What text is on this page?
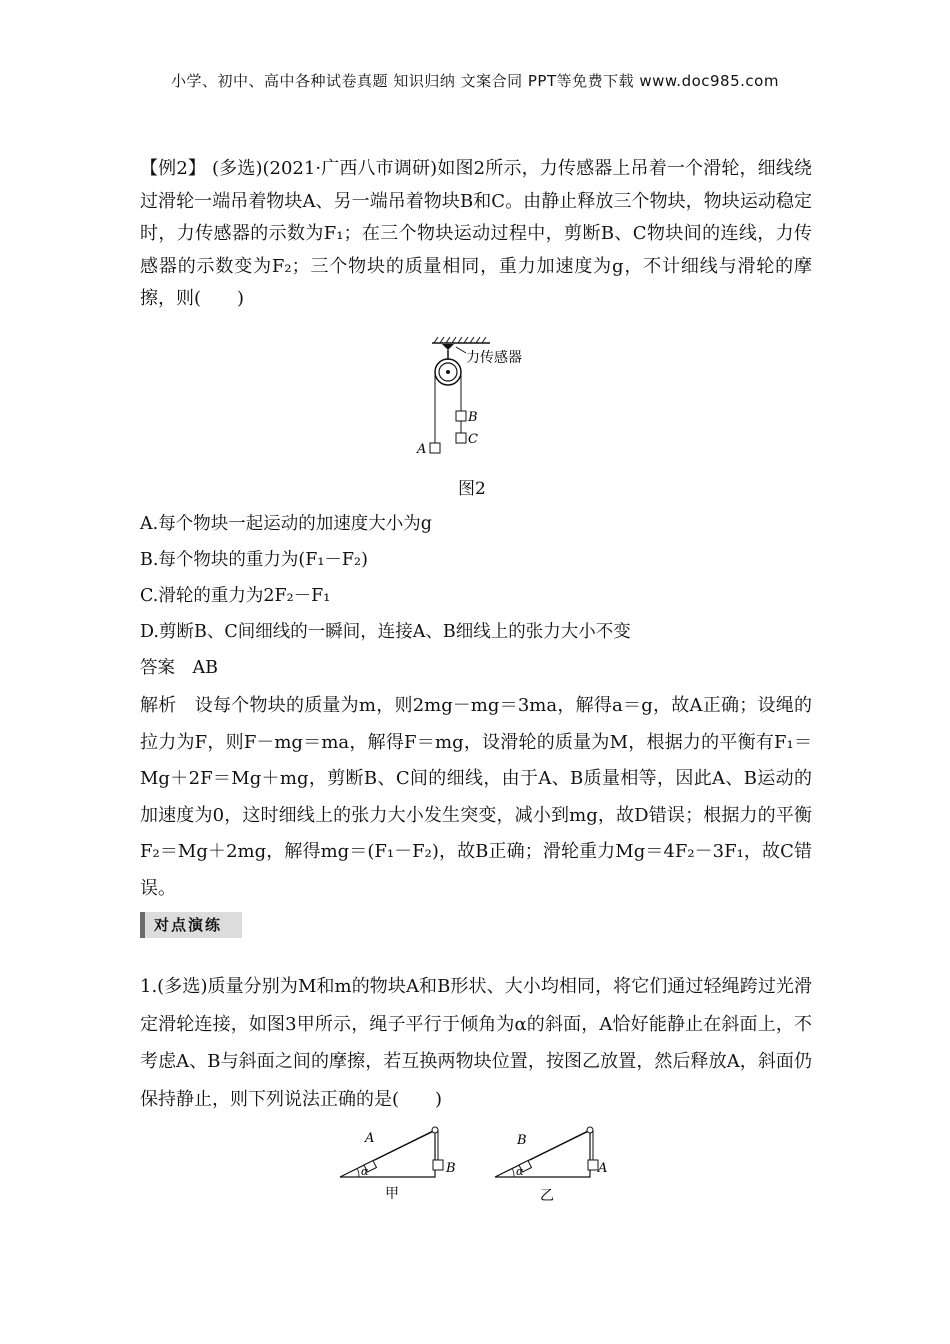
小学、初中、高中各种试卷真题 知识归纳 文案合同 PPT等免费下载 www.doc985.com
【例2】 (多选)(2021·广西八市调研)如图2所示，力传感器上吊着一个滑轮，细线绕过滑轮一端吊着物块A、另一端吊着物块B和C。由静止释放三个物块，物块运动稳定时，力传感器的示数为F₁；在三个物块运动过程中，剪断B、C物块间的连线，力传感器的示数变为F₂；三个物块的质量相同，重力加速度为g，不计细线与滑轮的摩擦，则(　　)
力传感器
A
B
C
图2
A.每个物块一起运动的加速度大小为g
B.每个物块的重力为(F₁－F₂)
C.滑轮的重力为2F₂－F₁
D.剪断B、C间细线的一瞬间，连接A、B细线上的张力大小不变
答案　AB
解析　设每个物块的质量为m，则2mg－mg＝3ma，解得a＝g，故A正确；设绳的拉力为F，则F－mg＝ma，解得F＝mg，设滑轮的质量为M，根据力的平衡有F₁＝Mg＋2F＝Mg＋mg，剪断B、C间的细线，由于A、B质量相等，因此A、B运动的加速度为0，这时细线上的张力大小发生突变，减小到mg，故D错误；根据力的平衡F₂＝Mg＋2mg，解得mg＝(F₁－F₂)，故B正确；滑轮重力Mg＝4F₂－3F₁，故C错误。
对点演练
1.(多选)质量分别为M和m的物块A和B形状、大小均相同，将它们通过轻绳跨过光滑定滑轮连接，如图3甲所示，绳子平行于倾角为α的斜面，A恰好能静止在斜面上，不考虑A、B与斜面之间的摩擦，若互换两物块位置，按图乙放置，然后释放A，斜面仍保持静止，则下列说法正确的是(　　)
α
A
B
甲
α
B
A
乙
